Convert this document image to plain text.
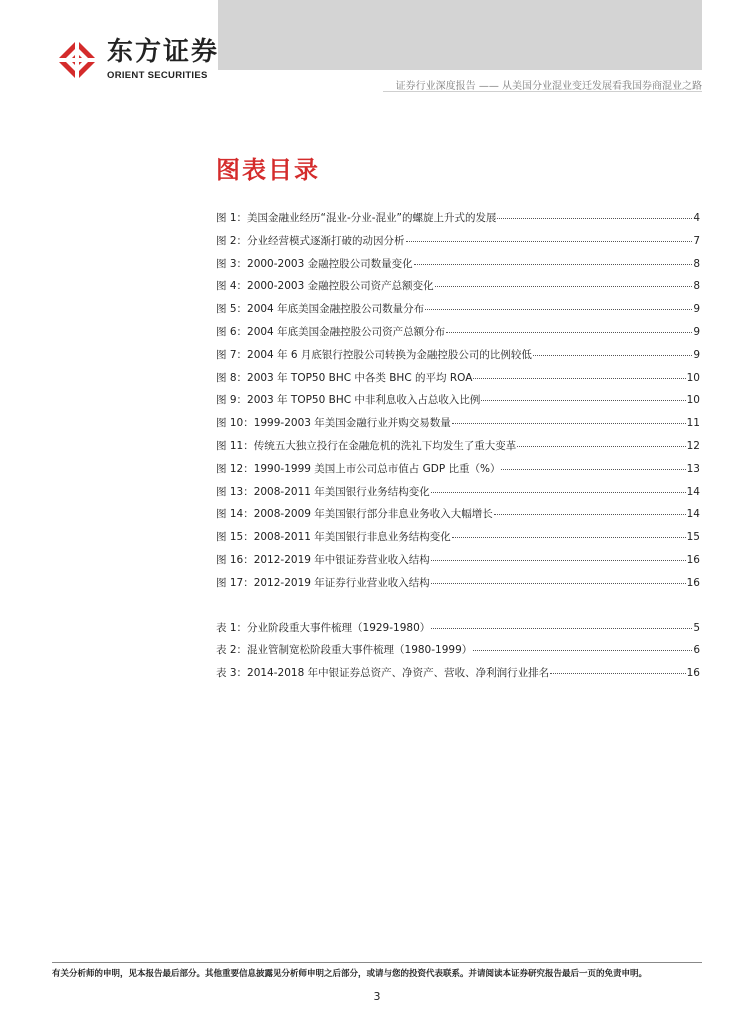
东方证券
ORIENT SECURITIES
证券行业深度报告 —— 从美国分业混业变迁发展看我国券商混业之路
图表目录
图 1：美国金融业经历“混业-分业-混业”的螺旋上升式的发展	4
图 2：分业经营模式逐渐打破的动因分析	7
图 3：2000-2003 金融控股公司数量变化	8
图 4：2000-2003 金融控股公司资产总额变化	8
图 5：2004 年底美国金融控股公司数量分布	9
图 6：2004 年底美国金融控股公司资产总额分布	9
图 7：2004 年 6 月底银行控股公司转换为金融控股公司的比例较低	9
图 8：2003 年 TOP50 BHC 中各类 BHC 的平均 ROA	10
图 9：2003 年 TOP50 BHC 中非利息收入占总收入比例	10
图 10：1999-2003 年美国金融行业并购交易数量	11
图 11：传统五大独立投行在金融危机的洗礼下均发生了重大变革	12
图 12：1990-1999 美国上市公司总市值占 GDP 比重（%）	13
图 13：2008-2011 年美国银行业务结构变化	14
图 14：2008-2009 年美国银行部分非息业务收入大幅增长	14
图 15：2008-2011 年美国银行非息业务结构变化	15
图 16：2012-2019 年中银证券营业收入结构	16
图 17：2012-2019 年证券行业营业收入结构	16
表 1：分业阶段重大事件梳理（1929-1980）	5
表 2：混业管制宽松阶段重大事件梳理（1980-1999）	6
表 3：2014-2018 年中银证券总资产、净资产、营收、净利润行业排名	16
有关分析师的申明，见本报告最后部分。其他重要信息披露见分析师申明之后部分，或请与您的投资代表联系。并请阅读本证券研究报告最后一页的免责申明。
3
